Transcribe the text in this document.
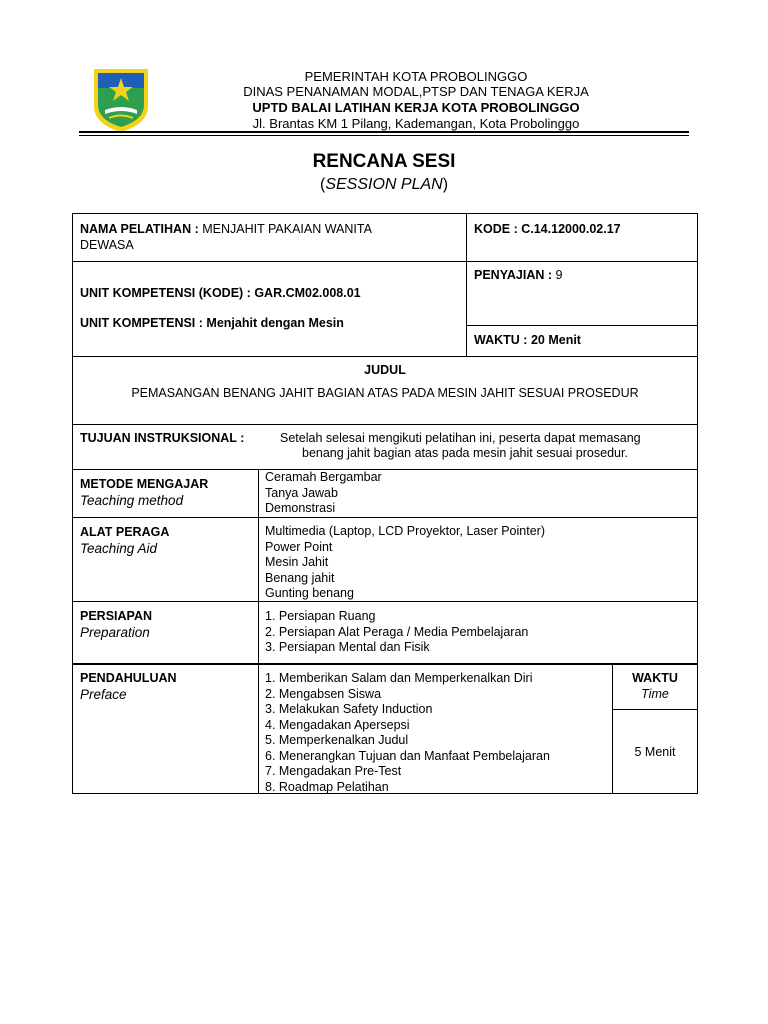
PEMERINTAH KOTA PROBOLINGGO
DINAS PENANAMAN MODAL,PTSP DAN TENAGA KERJA
UPTD BALAI LATIHAN KERJA KOTA PROBOLINGGO
Jl. Brantas KM 1 Pilang, Kademangan, Kota Probolinggo
RENCANA SESI
(SESSION PLAN)
NAMA PELATIHAN : MENJAHIT PAKAIAN WANITA
DEWASA
KODE : C.14.12000.02.17
UNIT KOMPETENSI (KODE) : GAR.CM02.008.01
UNIT KOMPETENSI : Menjahit dengan Mesin
PENYAJIAN : 9
WAKTU : 20 Menit
JUDUL
PEMASANGAN BENANG JAHIT BAGIAN ATAS PADA MESIN JAHIT SESUAI PROSEDUR
TUJUAN INSTRUKSIONAL :	Setelah selesai mengikuti pelatihan ini, peserta dapat memasang
benang jahit bagian atas pada mesin jahit sesuai prosedur.
METODE MENGAJAR
Teaching method
Ceramah Bergambar
Tanya Jawab
Demonstrasi
ALAT PERAGA
Teaching Aid
Multimedia (Laptop, LCD Proyektor, Laser Pointer)
Power Point
Mesin Jahit
Benang jahit
Gunting benang
PERSIAPAN
Preparation
1. Persiapan Ruang
2. Persiapan Alat Peraga / Media Pembelajaran
3. Persiapan Mental dan Fisik
PENDAHULUAN
Preface
1. Memberikan Salam dan Memperkenalkan Diri
2. Mengabsen Siswa
3. Melakukan Safety Induction
4. Mengadakan Apersepsi
5. Memperkenalkan Judul
6. Menerangkan Tujuan dan Manfaat Pembelajaran
7. Mengadakan Pre-Test
8. Roadmap Pelatihan
WAKTU
Time
5 Menit
